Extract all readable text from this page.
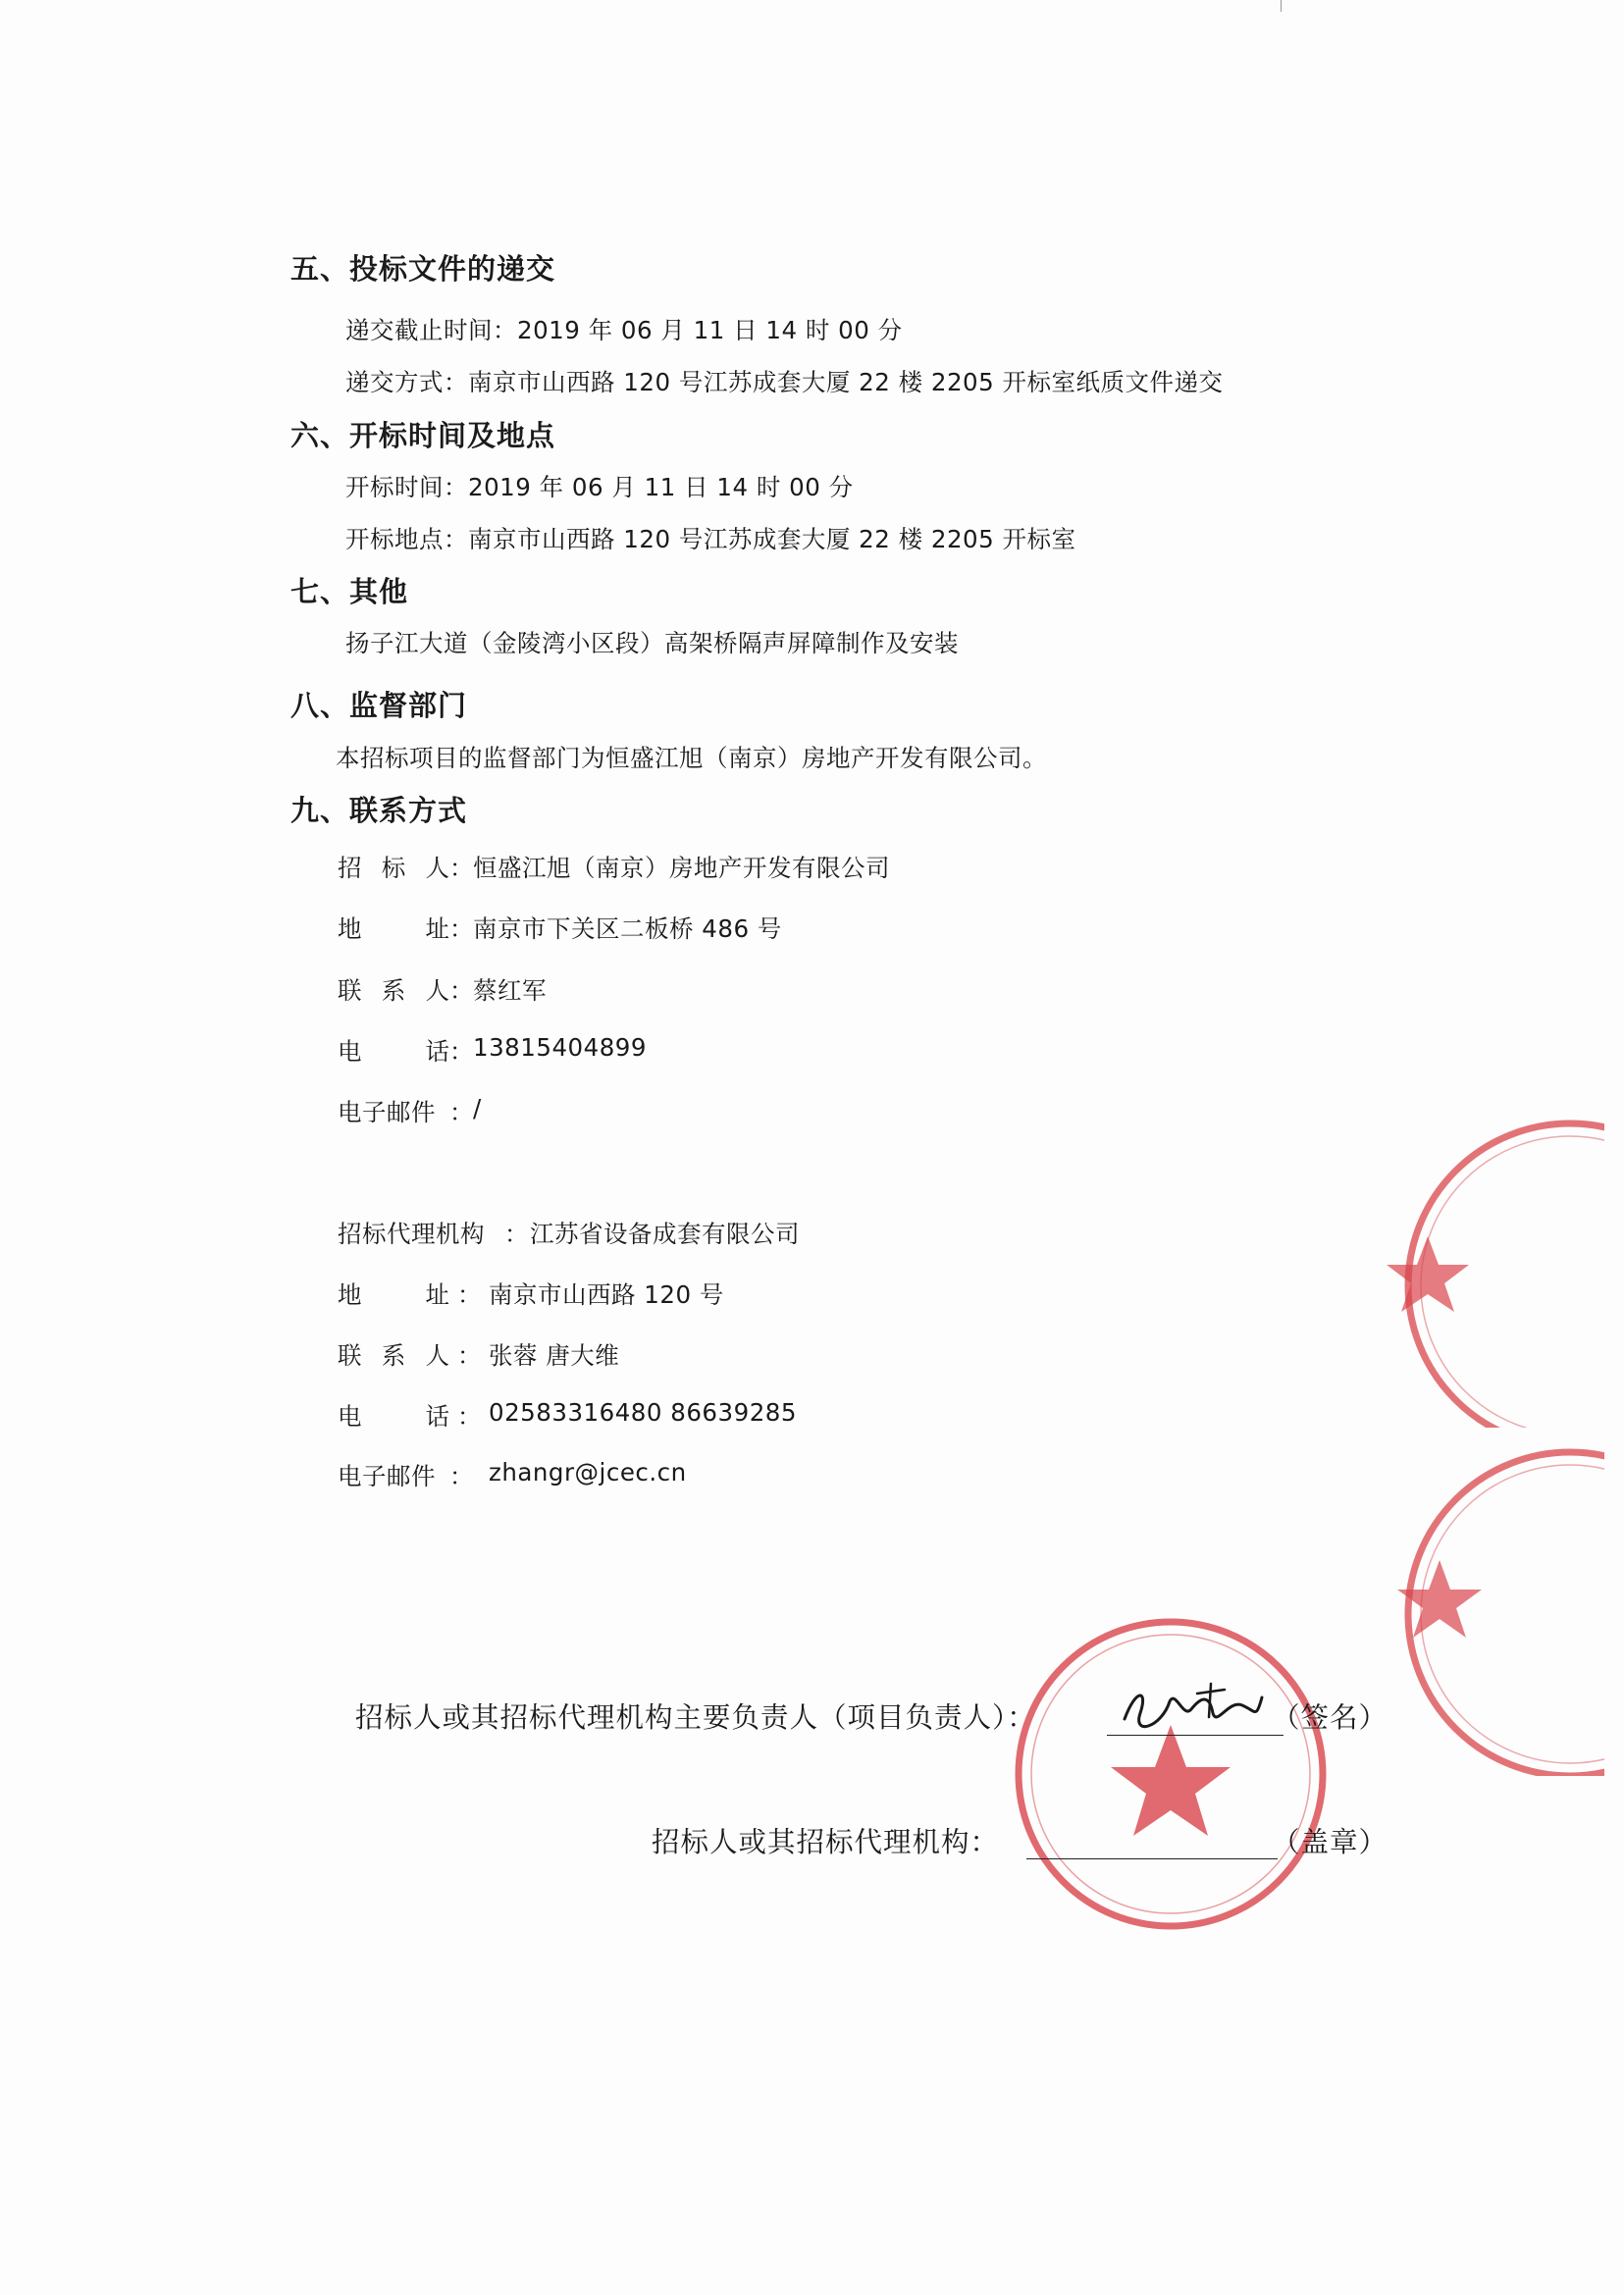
五、投标文件的递交
递交截止时间：2019 年 06 月 11 日 14 时 00 分
递交方式：南京市山西路 120 号江苏成套大厦 22 楼 2205 开标室纸质文件递交
六、开标时间及地点
开标时间：2019 年 06 月 11 日 14 时 00 分
开标地点：南京市山西路 120 号江苏成套大厦 22 楼 2205 开标室
七、其他
扬子江大道（金陵湾小区段）高架桥隔声屏障制作及安装
八、监督部门
本招标项目的监督部门为恒盛江旭（南京）房地产开发有限公司。
九、联系方式
招 标 人 ： 恒盛江旭（南京）房地产开发有限公司
地	址 ： 南京市下关区二板桥 486 号
联 系 人 ： 蔡红军
电	话 ： 13815404899
电子邮件 ： /
招标代理机构 ： 江苏省设备成套有限公司
地	址 ： 南京市山西路 120 号
联 系 人 ： 张蓉 唐大维
电	话 ： 02583316480 86639285
电子邮件 ： zhangr@jcec.cn
招标人或其招标代理机构主要负责人（项目负责人）：	（签名）
招标人或其招标代理机构：	（盖章）
